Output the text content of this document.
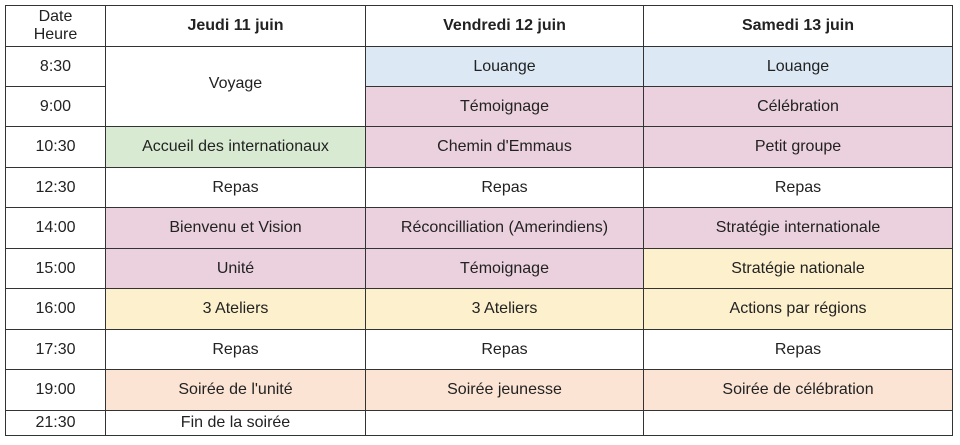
Date
Heure	Jeudi 11 juin	Vendredi 12 juin	Samedi 13 juin
8:30	Voyage	Louange	Louange
9:00		Témoignage	Célébration
10:30	Accueil des internationaux	Chemin d'Emmaus	Petit groupe
12:30	Repas	Repas	Repas
14:00	Bienvenu et Vision	Réconcilliation (Amerindiens)	Stratégie internationale
15:00	Unité	Témoignage	Stratégie nationale
16:00	3 Ateliers	3 Ateliers	Actions par régions
17:30	Repas	Repas	Repas
19:00	Soirée de l'unité	Soirée jeunesse	Soirée de célébration
21:30	Fin de la soirée		
